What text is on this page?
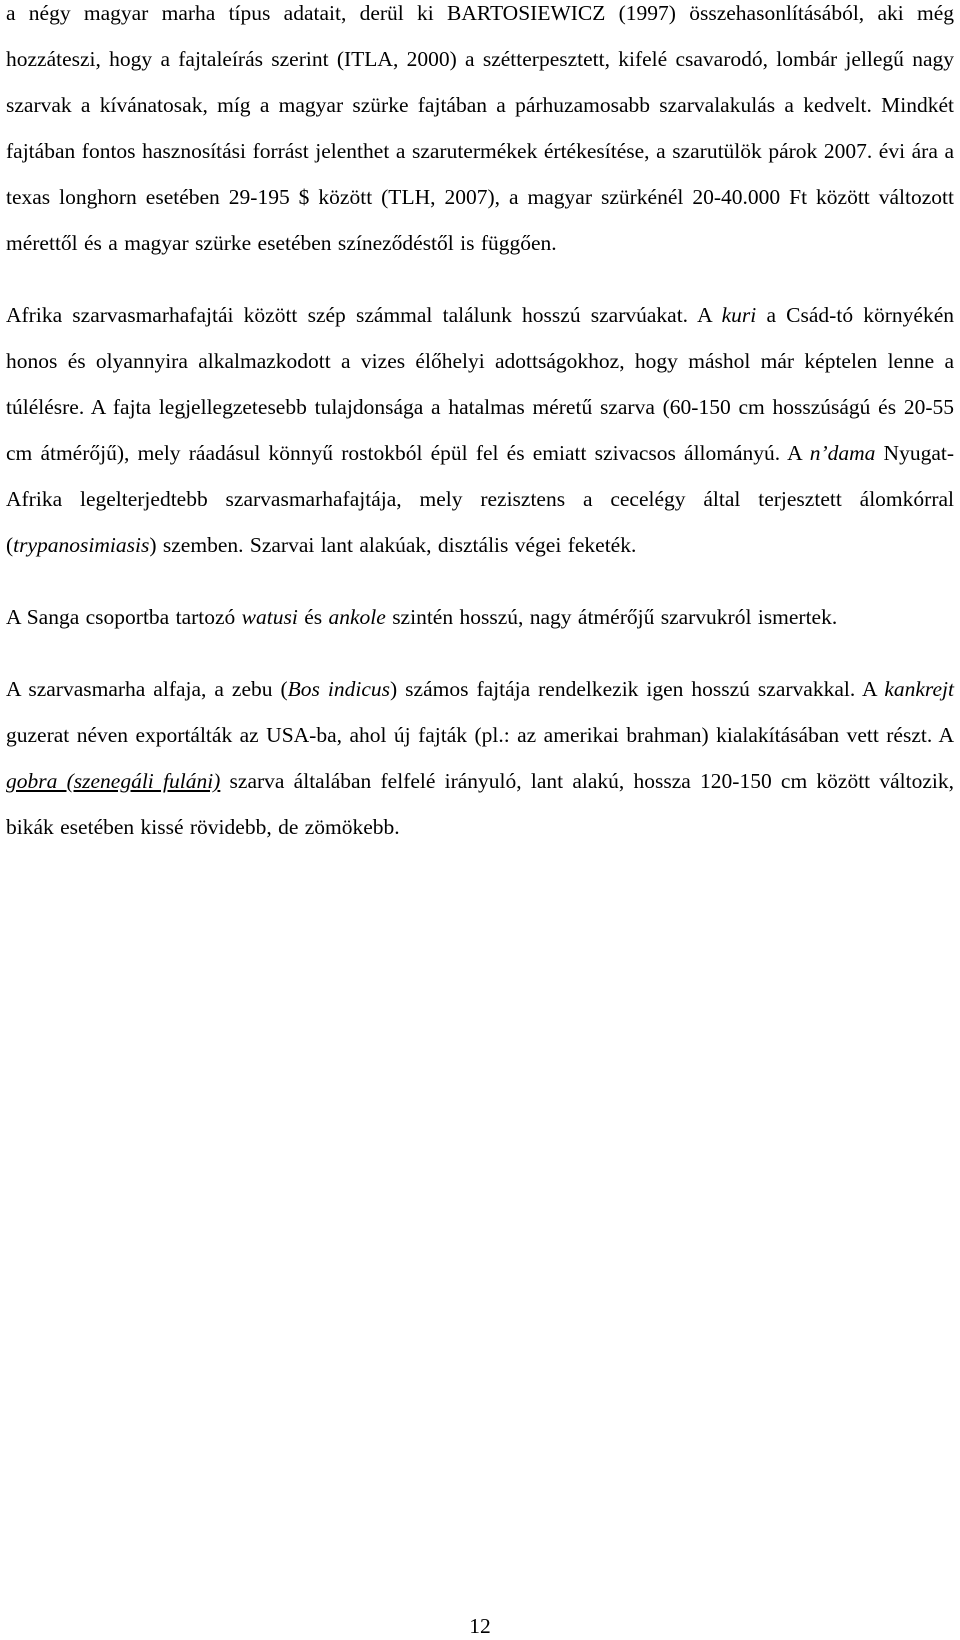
a négy magyar marha típus adatait, derül ki BARTOSIEWICZ (1997) összehasonlításából, aki még hozzáteszi, hogy a fajtaleírás szerint (ITLA, 2000) a szétterpesztett, kifelé csavarodó, lombár jellegű nagy szarvak a kívánatosak, míg a magyar szürke fajtában a párhuzamosabb szarvalakulás a kedvelt. Mindkét fajtában fontos hasznosítási forrást jelenthet a szarutermékek értékesítése, a szarutülök párok 2007. évi ára a texas longhorn esetében 29-195 $ között (TLH, 2007), a magyar szürkénél 20-40.000 Ft között változott mérettől és a magyar szürke esetében színeződéstől is függően.

Afrika szarvasmarhafajtái között szép számmal találunk hosszú szarvúakat. A kuri a Csád-tó környékén honos és olyannyira alkalmazkodott a vizes élőhelyi adottságokhoz, hogy máshol már képtelen lenne a túlélésre. A fajta legjellegzetesebb tulajdonsága a hatalmas méretű szarva (60-150 cm hosszúságú és 20-55 cm átmérőjű), mely ráadásul könnyű rostokból épül fel és emiatt szivacsos állományú. A n’dama Nyugat-Afrika legelterjedtebb szarvasmarhafajtája, mely rezisztens a cecelégy által terjesztett álomkórral (trypanosimiasis) szemben. Szarvai lant alakúak, disztális végei feketék.

A Sanga csoportba tartozó watusi és ankole szintén hosszú, nagy átmérőjű szarvukról ismertek.

A szarvasmarha alfaja, a zebu (Bos indicus) számos fajtája rendelkezik igen hosszú szarvakkal. A kankrejt guzerat néven exportálták az USA-ba, ahol új fajták (pl.: az amerikai brahman) kialakításában vett részt. A gobra (szenegáli fuláni) szarva általában felfelé irányuló, lant alakú, hossza 120-150 cm között változik, bikák esetében kissé rövidebb, de zömökebb.

12
